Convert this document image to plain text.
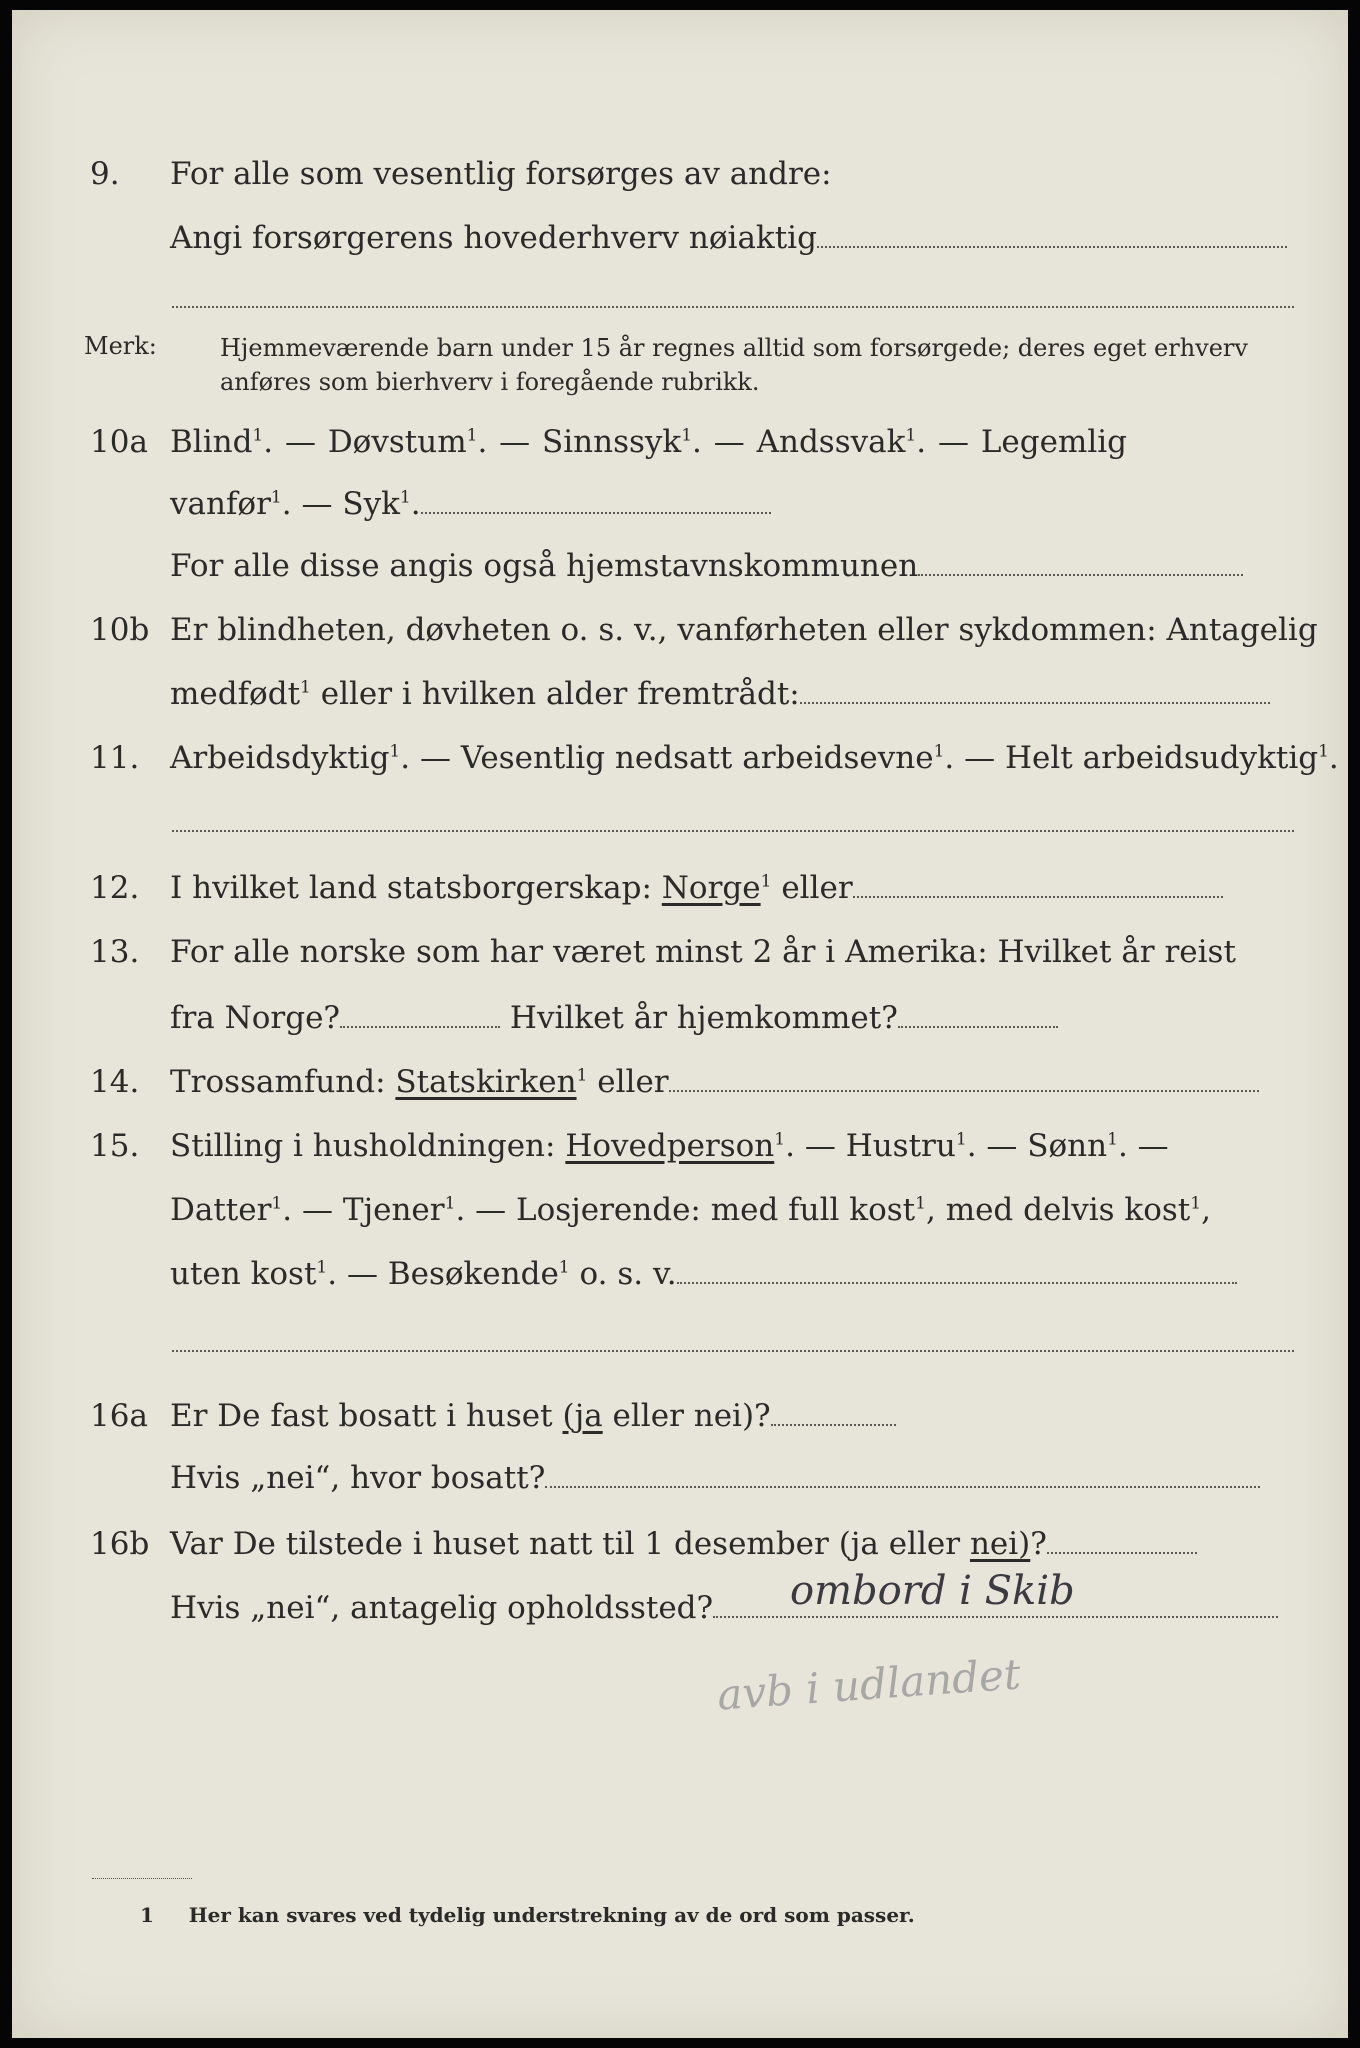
9. For alle som vesentlig forsørges av andre:
Angi forsørgerens hovederhverv nøiaktig
Merk:	Hjemmeværende barn under 15 år regnes alltid som forsørgede; deres eget erhverv
anføres som bierhverv i foregående rubrikk.
10a Blind$^1$. — Døvstum$^1$. — Sinnssyk$^1$. — Andssvak$^1$. — Legemlig
vanfør$^1$. — Syk$^1$.
For alle disse angis også hjemstavnskommunen
10b Er blindheten, døvheten o. s. v., vanførheten eller sykdommen: Antagelig
medfødt$^1$ eller i hvilken alder fremtrådt:
11. Arbeidsdyktig$^1$. — Vesentlig nedsatt arbeidsevne$^1$. — Helt arbeidsudyktig$^1$.
12. I hvilket land statsborgerskap: Norge$^1$ eller
13. For alle norske som har været minst 2 år i Amerika: Hvilket år reist
fra Norge?	Hvilket år hjemkommet?
14. Trossamfund: Statskirken$^1$ eller
15. Stilling i husholdningen: Hovedperson$^1$. — Hustru$^1$. — Sønn$^1$. —
Datter$^1$. — Tjener$^1$. — Losjerende: med full kost$^1$, med delvis kost$^1$,
uten kost$^1$. — Besøkende$^1$ o. s. v.
16a Er De fast bosatt i huset (ja eller nei)?
Hvis „nei“, hvor bosatt?
16b Var De tilstede i huset natt til 1 desember (ja eller nei)?
Hvis „nei“, antagelig opholdssted?	ombord i Skib
avb i udlandet
1 Her kan svares ved tydelig understrekning av de ord som passer.
